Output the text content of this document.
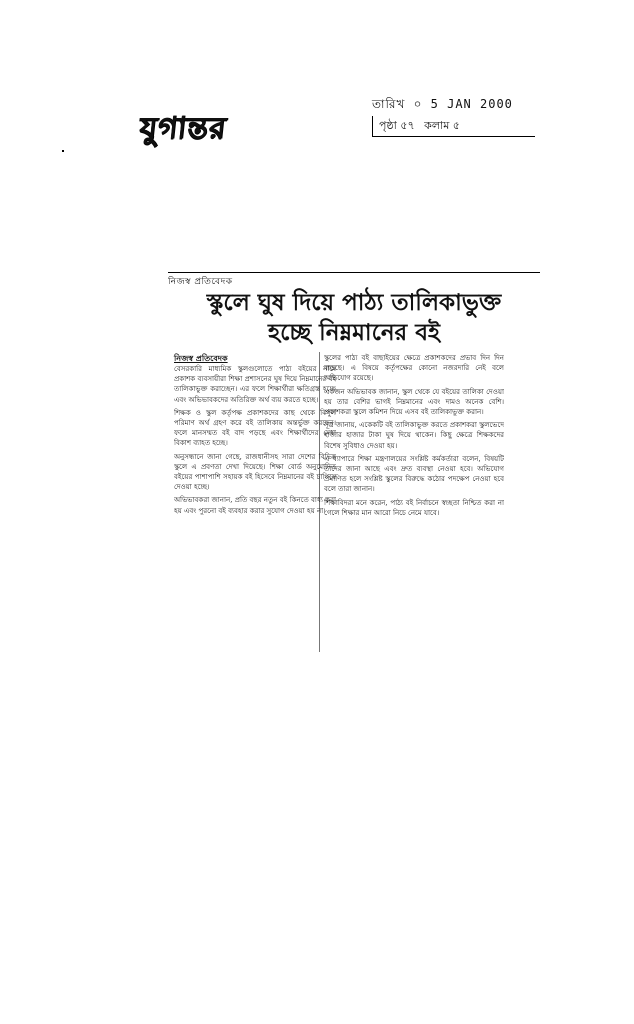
যুগান্তর
তারিখ ০ 5 JAN 2000
পৃষ্ঠা ৫৭ কলাম ৫
নিজস্ব প্রতিবেদক
স্কুলে ঘুষ দিয়ে পাঠ্য তালিকাভুক্ত
হচ্ছে নিম্নমানের বই
নিজস্ব প্রতিবেদক

বেসরকারি মাধ্যমিক স্কুলগুলোতে পাঠ্য বইয়ের নামে প্রকাশক ব্যবসায়ীরা শিক্ষা প্রশাসনের ঘুষ দিয়ে নিম্নমানের বই তালিকাভুক্ত করাচ্ছেন। এর ফলে শিক্ষার্থীরা ক্ষতিগ্রস্ত হচ্ছে এবং অভিভাবকদের অতিরিক্ত অর্থ ব্যয় করতে হচ্ছে।

শিক্ষক ও স্কুল কর্তৃপক্ষ প্রকাশকদের কাছ থেকে বিপুল পরিমাণ অর্থ গ্রহণ করে বই তালিকায় অন্তর্ভুক্ত করছেন। ফলে মানসম্মত বই বাদ পড়ছে এবং শিক্ষার্থীদের মেধা বিকাশ ব্যাহত হচ্ছে।

অনুসন্ধানে জানা গেছে, রাজধানীসহ সারা দেশের বিভিন্ন স্কুলে এ প্রবণতা দেখা দিয়েছে। শিক্ষা বোর্ড অনুমোদিত বইয়ের পাশাপাশি সহায়ক বই হিসেবে নিম্নমানের বই চাপিয়ে দেওয়া হচ্ছে।

অভিভাবকরা জানান, প্রতি বছর নতুন বই কিনতে বাধ্য করা হয় এবং পুরনো বই ব্যবহার করার সুযোগ দেওয়া হয় না।

স্কুলের পাঠ্য বই বাছাইয়ের ক্ষেত্রে প্রকাশকদের প্রভাব দিন দিন বাড়ছে। এ বিষয়ে কর্তৃপক্ষের কোনো নজরদারি নেই বলে অভিযোগ রয়েছে।

একজন অভিভাবক জানান, স্কুল থেকে যে বইয়ের তালিকা দেওয়া হয় তার বেশির ভাগই নিম্নমানের এবং দামও অনেক বেশি। প্রকাশকরা স্কুলে কমিশন দিয়ে এসব বই তালিকাভুক্ত করান।

সূত্র জানায়, একেকটি বই তালিকাভুক্ত করতে প্রকাশকরা স্কুলভেদে হাজার হাজার টাকা ঘুষ দিয়ে থাকেন। কিছু ক্ষেত্রে শিক্ষকদের বিশেষ সুবিধাও দেওয়া হয়।

এ ব্যাপারে শিক্ষা মন্ত্রণালয়ের সংশ্লিষ্ট কর্মকর্তারা বলেন, বিষয়টি তাদের জানা আছে এবং দ্রুত ব্যবস্থা নেওয়া হবে। অভিযোগ প্রমাণিত হলে সংশ্লিষ্ট স্কুলের বিরুদ্ধে কঠোর পদক্ষেপ নেওয়া হবে বলে তারা জানান।

শিক্ষাবিদরা মনে করেন, পাঠ্য বই নির্বাচনে স্বচ্ছতা নিশ্চিত করা না গেলে শিক্ষার মান আরো নিচে নেমে যাবে।
